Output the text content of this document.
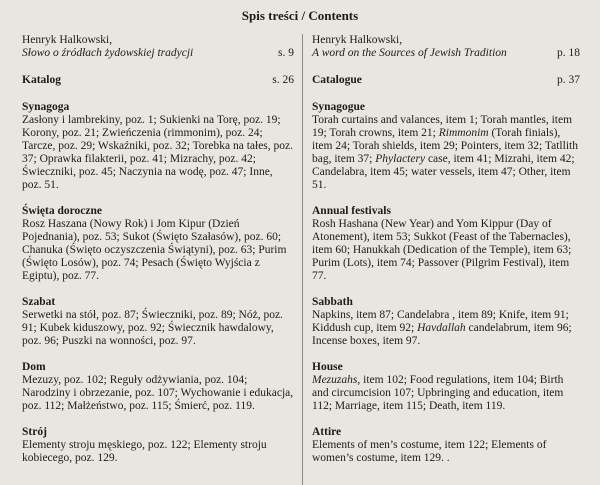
Spis treści / Contents
Henryk Halkowski,
Słowo o źródłach żydowskiej tradycji	s. 9
Katalog	s. 26
Synagoga

Zasłony i lambrekiny, poz. 1; Sukienki na Torę, poz. 19; Korony, poz. 21; Zwieńczenia (rimmonim), poz. 24; Tarcze, poz. 29; Wskaźniki, poz. 32; Torebka na tałes, poz. 37; Oprawka filakterii, poz. 41; Mizrachy, poz. 42; Świeczniki, poz. 45; Naczynia na wodę, poz. 47; Inne, poz. 51.

Święta doroczne

Rosz Haszana (Nowy Rok) i Jom Kipur (Dzień Pojednania), poz. 53; Sukot (Święto Szałasów), poz. 60; Chanuka (Święto oczyszczenia Świątyni), poz. 63; Purim (Święto Losów), poz. 74; Pesach (Święto Wyjścia z Egiptu), poz. 77.

Szabat

Serwetki na stół, poz. 87; Świeczniki, poz. 89; Nóż, poz. 91; Kubek kiduszowy, poz. 92; Świecznik hawdalowy, poz. 96; Puszki na wonności, poz. 97.

Dom

Mezuzy, poz. 102; Reguły odżywiania, poz. 104; Narodziny i obrzezanie, poz. 107; Wychowanie i edukacja, poz. 112; Małżeństwo, poz. 115; Śmierć, poz. 119.

Strój

Elementy stroju męskiego, poz. 122; Elementy stroju kobiecego, poz. 129.

Henryk Halkowski,
A word on the Sources of Jewish Tradition	p. 18
Catalogue	p. 37
Synagogue

Torah curtains and valances, item 1; Torah mantles, item 19; Torah crowns, item 21; Rimmonim (Torah finials), item 24; Torah shields, item 29; Pointers, item 32; Tatllith bag, item 37; Phylactery case, item 41; Mizrahi, item 42; Candelabra, item 45; water vessels, item 47; Other, item 51.

Annual festivals

Rosh Hashana (New Year) and Yom Kippur (Day of Atonement), item 53; Sukkot (Feast of the Tabernacles), item 60; Hanukkah (Dedication of the Temple), item 63; Purim (Lots), item 74; Passover (Pilgrim Festival), item 77.

Sabbath

Napkins, item 87; Candelabra , item 89; Knife, item 91; Kiddush cup, item 92; Havdallah candelabrum, item 96; Incense boxes, item 97.

House

Mezuzahs, item 102; Food regulations, item 104; Birth and circumcision 107; Upbringing and education, item 112; Marriage, item 115; Death, item 119.

Attire

Elements of men’s costume, item 122; Elements of women’s costume, item 129. .
